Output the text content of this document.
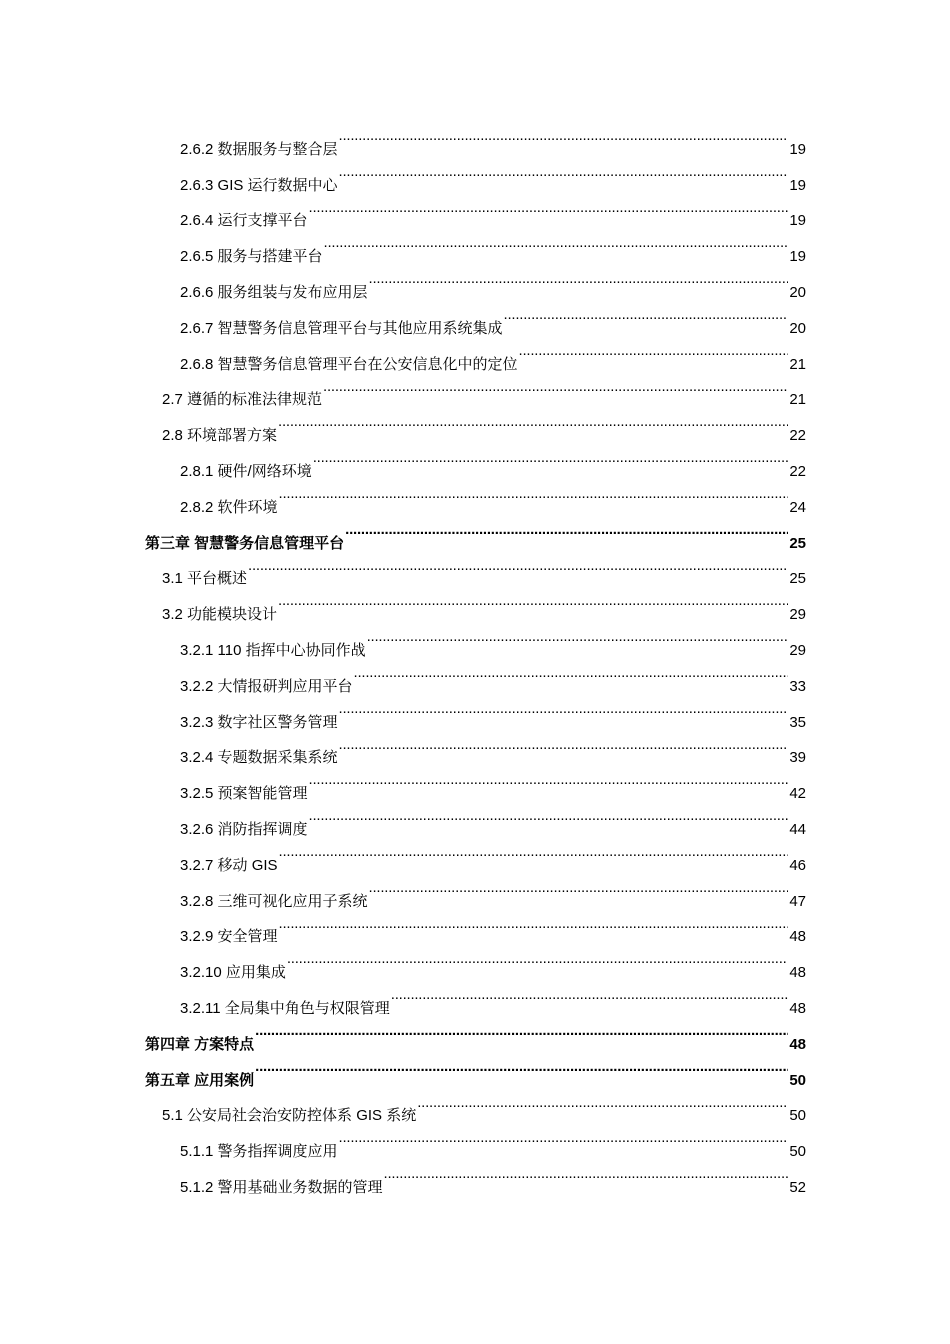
2.6.2 数据服务与整合层 . . .	19
2.6.3 GIS 运行数据中心 . . .	19
2.6.4 运行支撑平台 . . .	19
2.6.5 服务与搭建平台 . . .	19
2.6.6 服务组装与发布应用层 . . .	20
2.6.7 智慧警务信息管理平台与其他应用系统集成 . . .	20
2.6.8 智慧警务信息管理平台在公安信息化中的定位 . . .	21
2.7 遵循的标准法律规范 . . .	21
2.8 环境部署方案 . . .	22
2.8.1 硬件/网络环境 . . .	22
2.8.2 软件环境 . . .	24
第三章 智慧警务信息管理平台 . . .	25
3.1 平台概述 . . .	25
3.2 功能模块设计 . . .	29
3.2.1 110 指挥中心协同作战 . . .	29
3.2.2 大情报研判应用平台 . . .	33
3.2.3 数字社区警务管理 . . .	35
3.2.4 专题数据采集系统 . . .	39
3.2.5 预案智能管理 . . .	42
3.2.6 消防指挥调度 . . .	44
3.2.7 移动 GIS . . .	46
3.2.8 三维可视化应用子系统 . . .	47
3.2.9 安全管理 . . .	48
3.2.10 应用集成 . . .	48
3.2.11 全局集中角色与权限管理 . . .	48
第四章 方案特点 . . .	48
第五章 应用案例 . . .	50
5.1 公安局社会治安防控体系 GIS 系统 . . .	50
5.1.1 警务指挥调度应用 . . .	50
5.1.2 警用基础业务数据的管理 . . .	52
